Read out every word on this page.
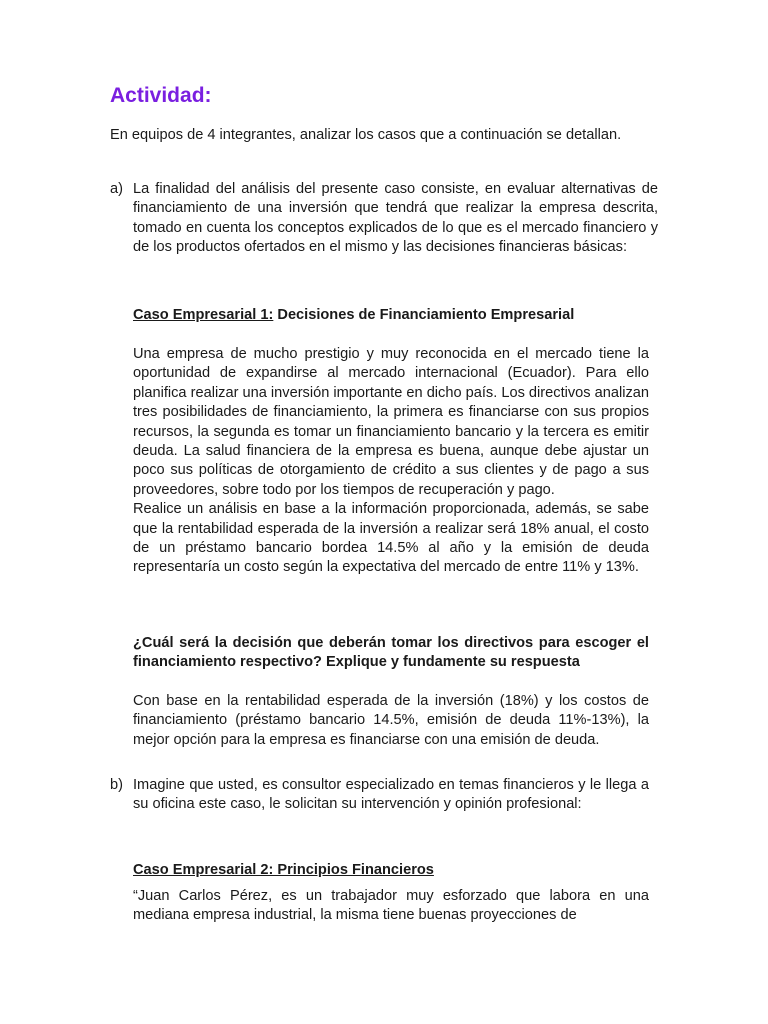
Actividad:

En equipos de 4 integrantes, analizar los casos que a continuación se detallan.

a) La finalidad del análisis del presente caso consiste, en evaluar alternativas de financiamiento de una inversión que tendrá que realizar la empresa descrita, tomado en cuenta los conceptos explicados de lo que es el mercado financiero y de los productos ofertados en el mismo y las decisiones financieras básicas:

Caso Empresarial 1: Decisiones de Financiamiento Empresarial

Una empresa de mucho prestigio y muy reconocida en el mercado tiene la oportunidad de expandirse al mercado internacional (Ecuador). Para ello planifica realizar una inversión importante en dicho país. Los directivos analizan tres posibilidades de financiamiento, la primera es financiarse con sus propios recursos, la segunda es tomar un financiamiento bancario y la tercera es emitir deuda. La salud financiera de la empresa es buena, aunque debe ajustar un poco sus políticas de otorgamiento de crédito a sus clientes y de pago a sus proveedores, sobre todo por los tiempos de recuperación y pago.
Realice un análisis en base a la información proporcionada, además, se sabe que la rentabilidad esperada de la inversión a realizar será 18% anual, el costo de un préstamo bancario bordea 14.5% al año y la emisión de deuda representaría un costo según la expectativa del mercado de entre 11% y 13%.

¿Cuál será la decisión que deberán tomar los directivos para escoger el financiamiento respectivo? Explique y fundamente su respuesta

Con base en la rentabilidad esperada de la inversión (18%) y los costos de financiamiento (préstamo bancario 14.5%, emisión de deuda 11%-13%), la mejor opción para la empresa es financiarse con una emisión de deuda.

b) Imagine que usted, es consultor especializado en temas financieros y le llega a su oficina este caso, le solicitan su intervención y opinión profesional:

Caso Empresarial 2: Principios Financieros

“Juan Carlos Pérez, es un trabajador muy esforzado que labora en una mediana empresa industrial, la misma tiene buenas proyecciones de
